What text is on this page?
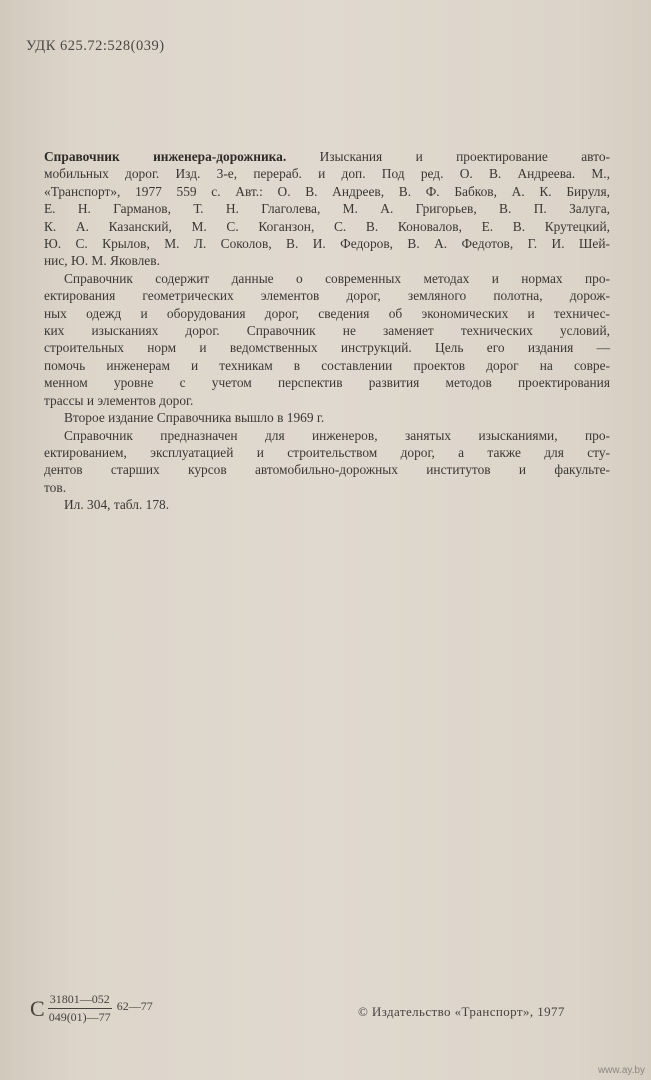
УДК 625.72:528(039)
Справочник инженера-дорожника. Изыскания и проектирование авто-
мобильных дорог. Изд. 3-е, перераб. и доп. Под ред. О. В. Андреева. М.,
«Транспорт», 1977 559 с. Авт.: О. В. Андреев, В. Ф. Бабков, А. К. Бируля,
Е. Н. Гарманов, Т. Н. Глаголева, М. А. Григорьев, В. П. Залуга,
К. А. Казанский, М. С. Коганзон, С. В. Коновалов, Е. В. Крутецкий,
Ю. С. Крылов, М. Л. Соколов, В. И. Федоров, В. А. Федотов, Г. И. Шей-
нис, Ю. М. Яковлев.
Справочник содержит данные о современных методах и нормах про-
ектирования геометрических элементов дорог, земляного полотна, дорож-
ных одежд и оборудования дорог, сведения об экономических и техничес-
ких изысканиях дорог. Справочник не заменяет технических условий,
строительных норм и ведомственных инструкций. Цель его издания —
помочь инженерам и техникам в составлении проектов дорог на совре-
менном уровне с учетом перспектив развития методов проектирования
трассы и элементов дорог.
Второе издание Справочника вышло в 1969 г.
Справочник предназначен для инженеров, занятых изысканиями, про-
ектированием, эксплуатацией и строительством дорог, а также для сту-
дентов старших курсов автомобильно-дорожных институтов и факульте-
тов.
Ил. 304, табл. 178.
С $\frac{31801—052}{049(01)—77}$ 62—77	© Издательство «Транспорт», 1977
www.ay.by
